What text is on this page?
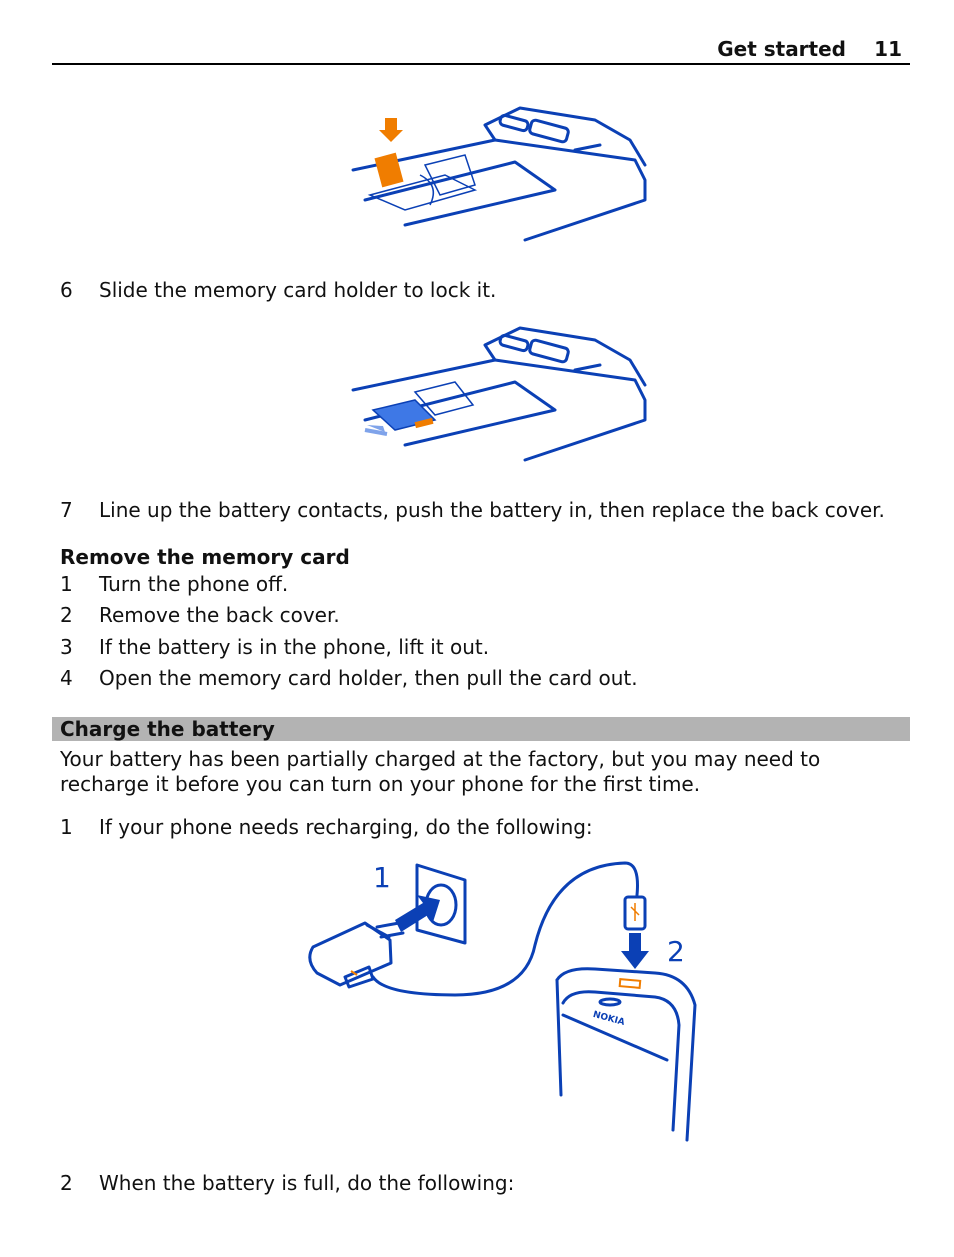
Get started 11
6 Slide the memory card holder to lock it.
7 Line up the battery contacts, push the battery in, then replace the back cover.
Remove the memory card
1 Turn the phone off.
2 Remove the back cover.
3 If the battery is in the phone, lift it out.
4 Open the memory card holder, then pull the card out.
Charge the battery
Your battery has been partially charged at the factory, but you may need to recharge it before you can turn on your phone for the first time.
1 If your phone needs recharging, do the following:
1
2
NOKIA
2 When the battery is full, do the following:
